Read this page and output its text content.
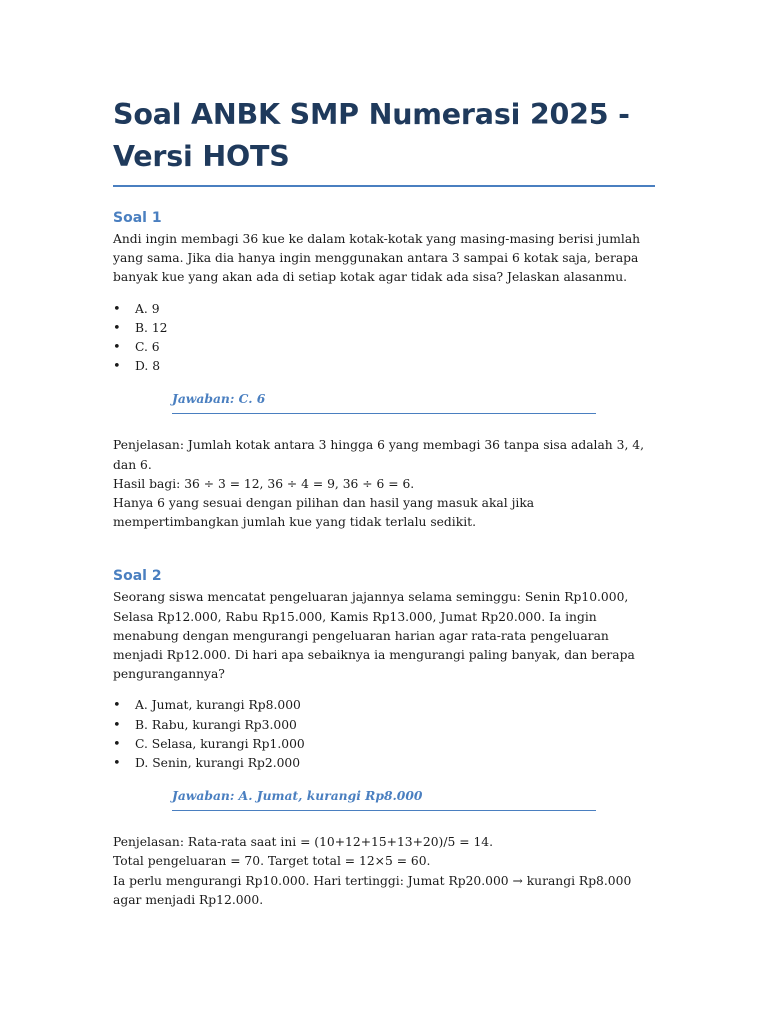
Soal ANBK SMP Numerasi 2025 - Versi HOTS
Soal 1

Andi ingin membagi 36 kue ke dalam kotak-kotak yang masing-masing berisi jumlah yang sama. Jika dia hanya ingin menggunakan antara 3 sampai 6 kotak saja, berapa banyak kue yang akan ada di setiap kotak agar tidak ada sisa? Jelaskan alasanmu.

• A. 9
• B. 12
• C. 6
• D. 8
Jawaban: C. 6

Penjelasan: Jumlah kotak antara 3 hingga 6 yang membagi 36 tanpa sisa adalah 3, 4, dan 6.

Hasil bagi: 36 ÷ 3 = 12, 36 ÷ 4 = 9, 36 ÷ 6 = 6.

Hanya 6 yang sesuai dengan pilihan dan hasil yang masuk akal jika mempertimbangkan jumlah kue yang tidak terlalu sedikit.

Soal 2

Seorang siswa mencatat pengeluaran jajannya selama seminggu: Senin Rp10.000, Selasa Rp12.000, Rabu Rp15.000, Kamis Rp13.000, Jumat Rp20.000. Ia ingin menabung dengan mengurangi pengeluaran harian agar rata-rata pengeluaran menjadi Rp12.000. Di hari apa sebaiknya ia mengurangi paling banyak, dan berapa pengurangannya?

• A. Jumat, kurangi Rp8.000
• B. Rabu, kurangi Rp3.000
• C. Selasa, kurangi Rp1.000
• D. Senin, kurangi Rp2.000
Jawaban: A. Jumat, kurangi Rp8.000

Penjelasan: Rata-rata saat ini = (10+12+15+13+20)/5 = 14.

Total pengeluaran = 70. Target total = 12×5 = 60.

Ia perlu mengurangi Rp10.000. Hari tertinggi: Jumat Rp20.000 → kurangi Rp8.000 agar menjadi Rp12.000.
